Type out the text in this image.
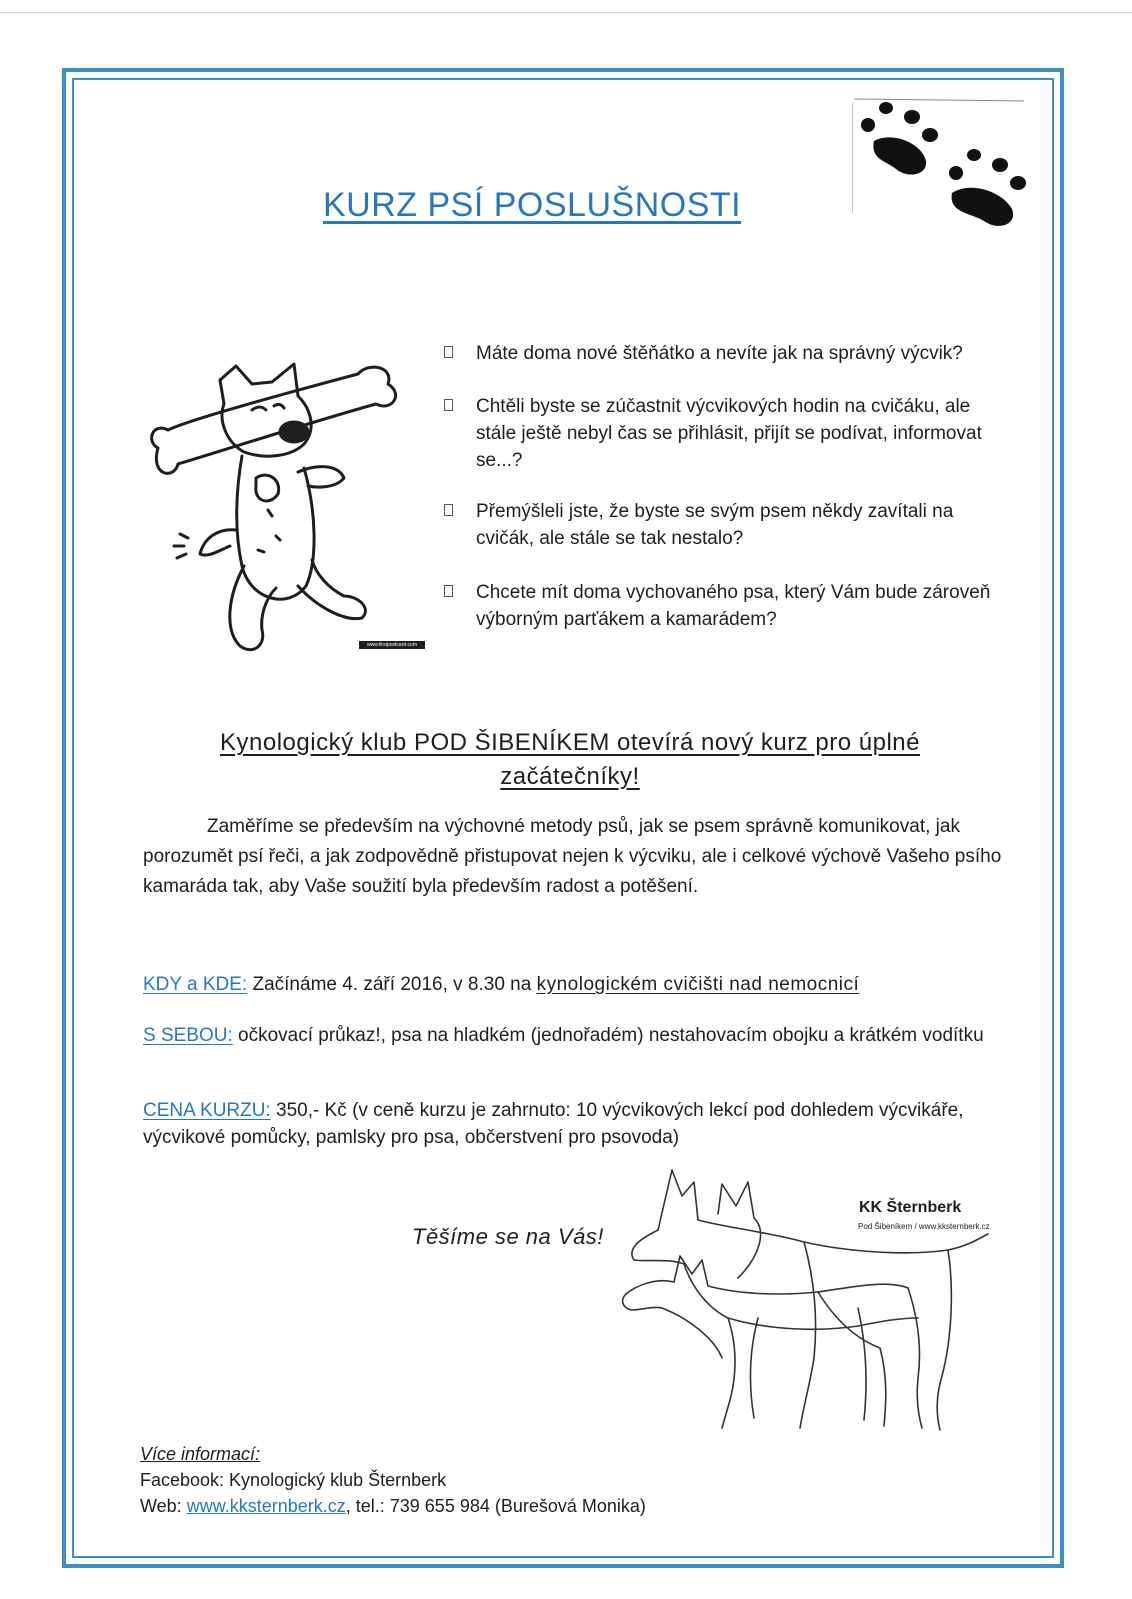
KURZ PSÍ POSLUŠNOSTI
www.firstpostcard.com
Máte doma nové štěňátko a nevíte jak na správný výcvik?
Chtěli byste se zúčastnit výcvikových hodin na cvičáku, ale stále ještě nebyl čas se přihlásit, přijít se podívat, informovat se...?
Přemýšleli jste, že byste se svým psem někdy zavítali na cvičák, ale stále se tak nestalo?
Chcete mít doma vychovaného psa, který Vám bude zároveň výborným parťákem a kamarádem?
Kynologický klub POD ŠIBENÍKEM otevírá nový kurz pro úplné začátečníky!
Zaměříme se především na výchovné metody psů, jak se psem správně komunikovat, jak porozumět psí řeči, a jak zodpovědně přistupovat nejen k výcviku, ale i celkové výchově Vašeho psího kamaráda tak, aby Vaše soužití byla především radost a potěšení.
KDY a KDE: Začínáme 4. září 2016, v 8.30 na kynologickém cvičišti nad nemocnicí
S SEBOU: očkovací průkaz!, psa na hladkém (jednořadém) nestahovacím obojku a krátkém vodítku
CENA KURZU: 350,- Kč (v ceně kurzu je zahrnuto: 10 výcvikových lekcí pod dohledem výcvikáře, výcvikové pomůcky, pamlsky pro psa, občerstvení pro psovoda)
Těšíme se na Vás!
KK Šternberk
Pod Šibeníkem / www.kksternberk.cz
Více informací:
Facebook: Kynologický klub Šternberk
Web: www.kksternberk.cz, tel.: 739 655 984 (Burešová Monika)
